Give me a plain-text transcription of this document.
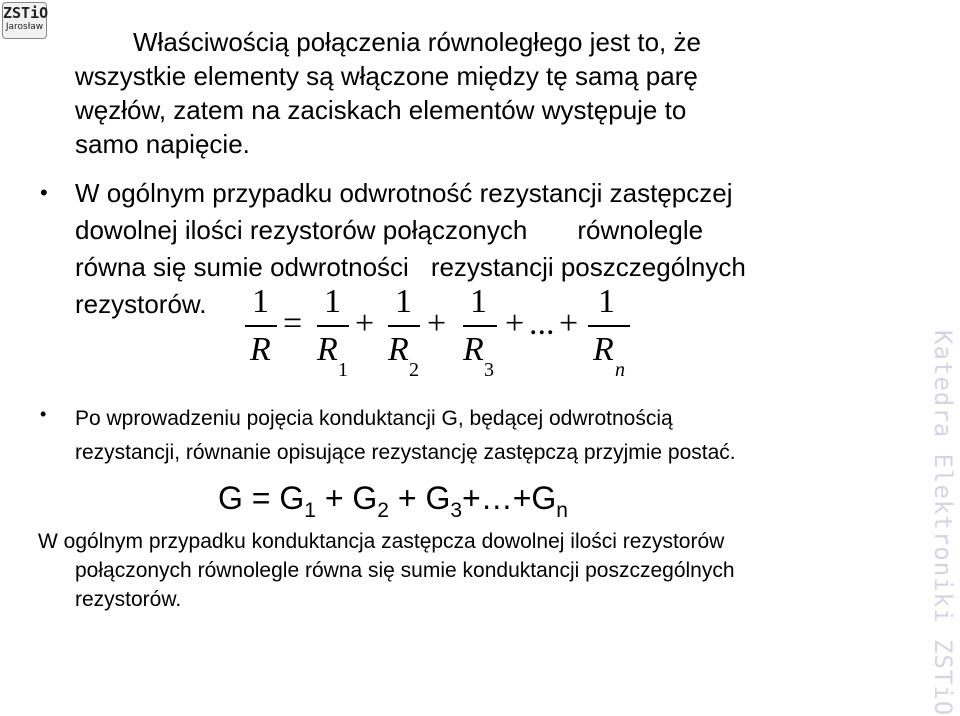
ZSTiO
Jarosław	Właściwością połączenia równoległego jest to, że
wszystkie elementy są włączone między tę samą parę
węzłów, zatem na zaciskach elementów występuje to
samo napięcie.
• W ogólnym przypadku odwrotność rezystancji zastępczej
dowolnej ilości rezystorów połączonych równolegle
równa się sumie odwrotności rezystancji poszczególnych
rezystorów.	1 1 1 1	1
= + + + ... +
R R
1
R
2
R
3
R
n
• Po wprowadzeniu pojęcia konduktancji G, będącej odwrotnością
rezystancji, równanie opisujące rezystancję zastępczą przyjmie postać.
$G = G_1 + G_2$ + $G_3+\dots+G_n$
W ogólnym przypadku konduktancja zastępcza dowolnej ilości rezystorów
połączonych równolegle równa się sumie konduktancji poszczególnych
rezystorów.	Katedra Elektroniki ZSTiO
